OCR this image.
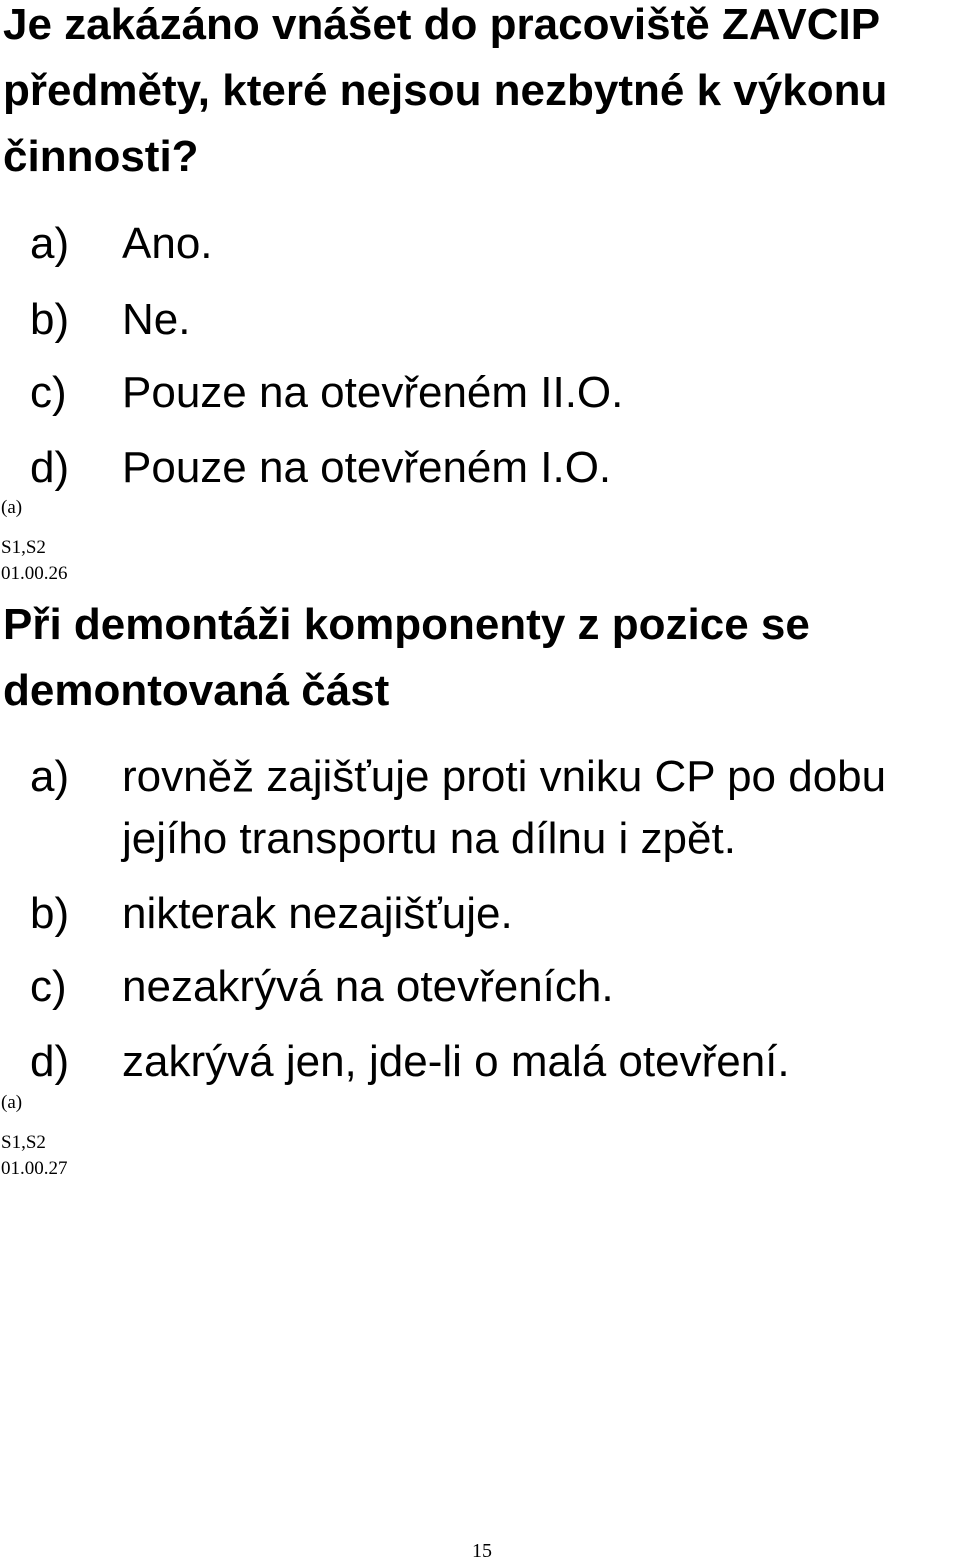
Je zakázáno vnášet do pracoviště ZAVCIP předměty, které nejsou nezbytné k výkonu činnosti?

a) Ano.
b) Ne.
c) Pouze na otevřeném II.O.
d) Pouze na otevřeném I.O.
(a)
S1,S2
01.00.26

Při demontáži komponenty z pozice se demontovaná část

a) rovněž zajišťuje proti vniku CP po dobu jejího transportu na dílnu i zpět.
b) nikterak nezajišťuje.
c) nezakrývá na otevřeních.
d) zakrývá jen, jde-li o malá otevření.
(a)
S1,S2
01.00.27
15
